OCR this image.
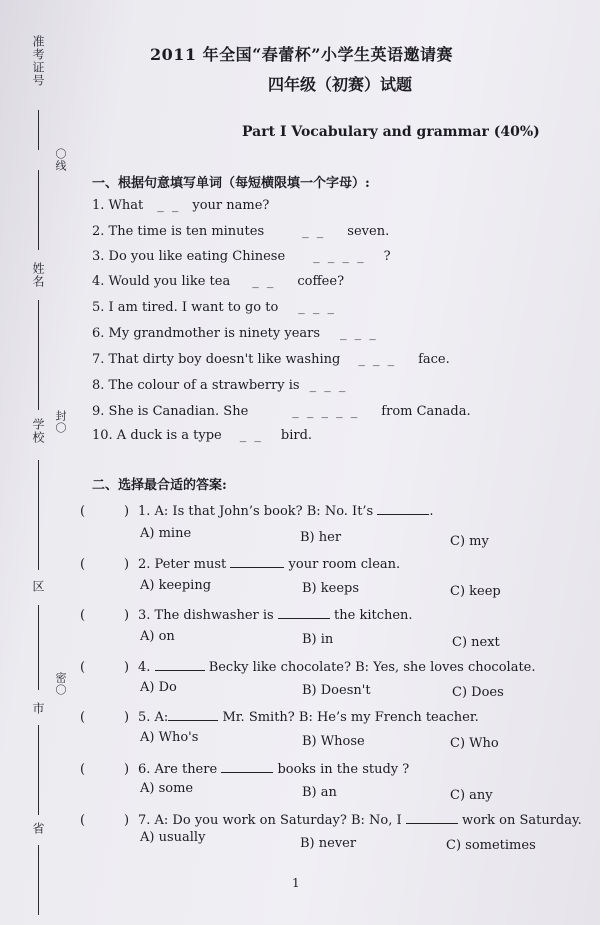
准考证号
〇线
姓名
学校 封〇
区
密〇
市
省
2011 年全国“春蕾杯”小学生英语邀请赛
四年级（初赛）试题
Part I Vocabulary and grammar (40%)
一、根据句意填写单词（每短横限填一个字母）:
1. What _ _ your name?
2. The time is ten minutes	_ _ seven.
3. Do you like eating Chinese _ _ _ _ ?
4. Would you like tea _ _ coffee?
5. I am tired. I want to go to _ _ _
6. My grandmother is ninety years _ _ _
7. That dirty boy doesn't like washing _ _ _ face.
8. The colour of a strawberry is _ _ _
9. She is Canadian. She	_ _ _ _ _ from Canada.
10. A duck is a type _ _ bird.
二、选择最合适的答案:
(	) 1. A: Is that John’s book? B: No. It’s	.
A) mine	B) her	C) my
(	) 2. Peter must	your room clean.
A) keeping	B) keeps	C) keep
(	) 3. The dishwasher is	the kitchen.
A) on	B) in	C) next
(	) 4.	Becky like chocolate? B: Yes, she loves chocolate.
A) Do	B) Doesn't	C) Does
(	) 5. A:	Mr. Smith? B: He’s my French teacher.
A) Who's	B) Whose	C) Who
(	) 6. Are there	books in the study ?
A) some	B) an	C) any
(	) 7. A: Do you work on Saturday? B: No, I	work on Saturday.
A) usually	B) never	C) sometimes
1
